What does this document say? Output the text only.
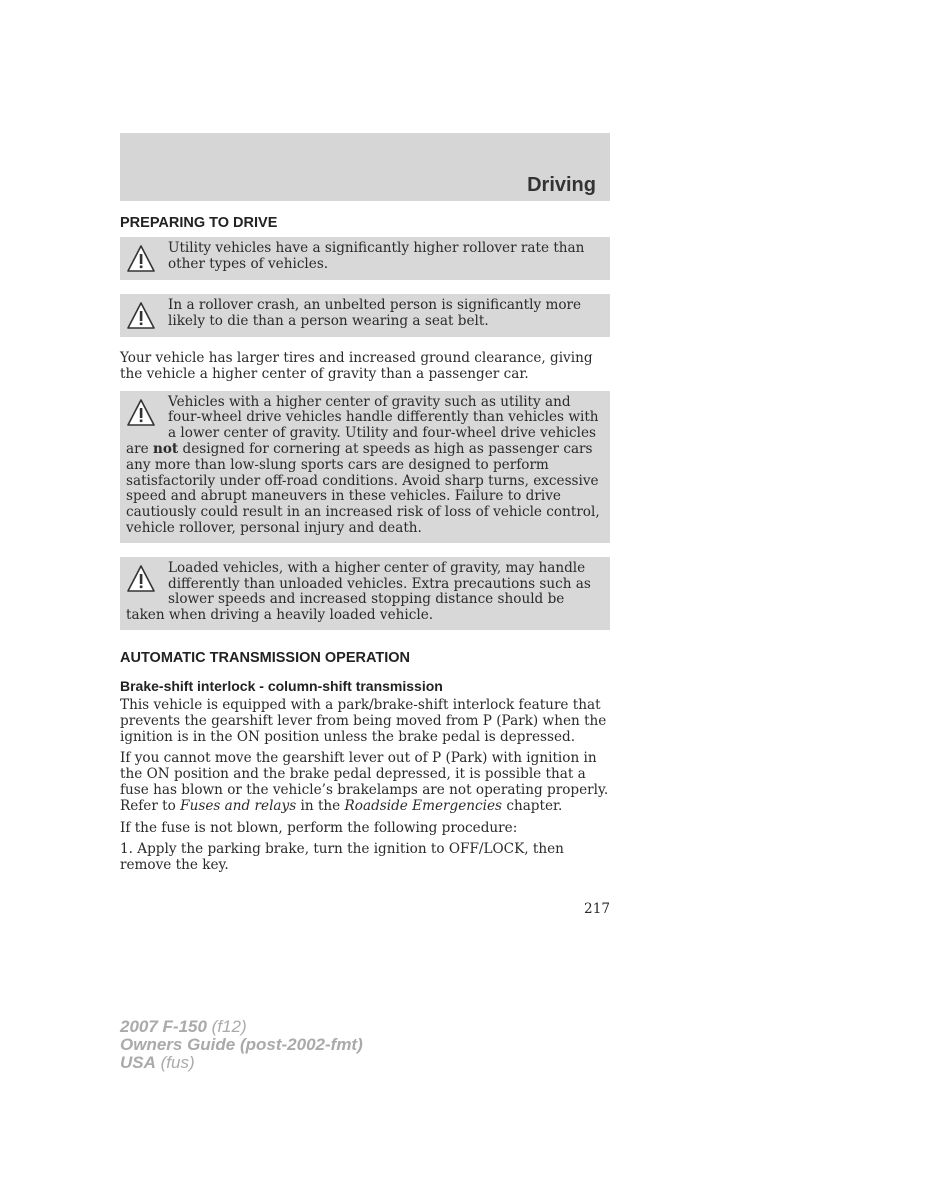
Driving
PREPARING TO DRIVE

Utility vehicles have a significantly higher rollover rate than other types of vehicles.

In a rollover crash, an unbelted person is significantly more likely to die than a person wearing a seat belt.

Your vehicle has larger tires and increased ground clearance, giving the vehicle a higher center of gravity than a passenger car.

Vehicles with a higher center of gravity such as utility and four-wheel drive vehicles handle differently than vehicles with a lower center of gravity. Utility and four-wheel drive vehicles are not designed for cornering at speeds as high as passenger cars any more than low-slung sports cars are designed to perform satisfactorily under off-road conditions. Avoid sharp turns, excessive speed and abrupt maneuvers in these vehicles. Failure to drive cautiously could result in an increased risk of loss of vehicle control, vehicle rollover, personal injury and death.

Loaded vehicles, with a higher center of gravity, may handle differently than unloaded vehicles. Extra precautions such as slower speeds and increased stopping distance should be taken when driving a heavily loaded vehicle.

AUTOMATIC TRANSMISSION OPERATION
Brake-shift interlock - column-shift transmission

This vehicle is equipped with a park/brake-shift interlock feature that prevents the gearshift lever from being moved from P (Park) when the ignition is in the ON position unless the brake pedal is depressed.

If you cannot move the gearshift lever out of P (Park) with ignition in the ON position and the brake pedal depressed, it is possible that a fuse has blown or the vehicle’s brakelamps are not operating properly. Refer to Fuses and relays in the Roadside Emergencies chapter.

If the fuse is not blown, perform the following procedure:

1. Apply the parking brake, turn the ignition to OFF/LOCK, then remove the key.

217
2007 F-150 (f12)
Owners Guide (post-2002-fmt)
USA (fus)
